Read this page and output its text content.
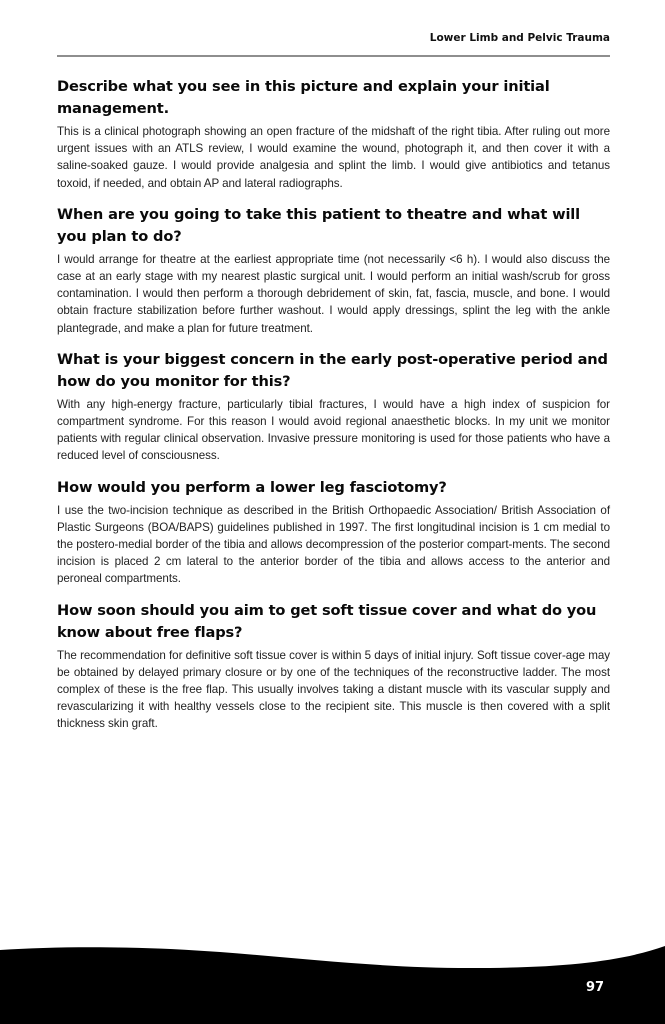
Lower Limb and Pelvic Trauma
Describe what you see in this picture and explain your initial management.

This is a clinical photograph showing an open fracture of the midshaft of the right tibia. After ruling out more urgent issues with an ATLS review, I would examine the wound, photograph it, and then cover it with a saline-soaked gauze. I would provide analgesia and splint the limb. I would give antibiotics and tetanus toxoid, if needed, and obtain AP and lateral radiographs.

When are you going to take this patient to theatre and what will you plan to do?

I would arrange for theatre at the earliest appropriate time (not necessarily <6 h). I would also discuss the case at an early stage with my nearest plastic surgical unit. I would perform an initial wash/scrub for gross contamination. I would then perform a thorough debridement of skin, fat, fascia, muscle, and bone. I would obtain fracture stabilization before further washout. I would apply dressings, splint the leg with the ankle plantegrade, and make a plan for future treatment.

What is your biggest concern in the early post-operative period and how do you monitor for this?

With any high-energy fracture, particularly tibial fractures, I would have a high index of suspicion for compartment syndrome. For this reason I would avoid regional anaesthetic blocks. In my unit we monitor patients with regular clinical observation. Invasive pressure monitoring is used for those patients who have a reduced level of consciousness.

How would you perform a lower leg fasciotomy?

I use the two-incision technique as described in the British Orthopaedic Association/ British Association of Plastic Surgeons (BOA/BAPS) guidelines published in 1997. The first longitudinal incision is 1 cm medial to the postero-medial border of the tibia and allows decompression of the posterior compart-ments. The second incision is placed 2 cm lateral to the anterior border of the tibia and allows access to the anterior and peroneal compartments.

How soon should you aim to get soft tissue cover and what do you know about free flaps?

The recommendation for definitive soft tissue cover is within 5 days of initial injury. Soft tissue cover-age may be obtained by delayed primary closure or by one of the techniques of the reconstructive ladder. The most complex of these is the free flap. This usually involves taking a distant muscle with its vascular supply and revascularizing it with healthy vessels close to the recipient site. This muscle is then covered with a split thickness skin graft.

97
